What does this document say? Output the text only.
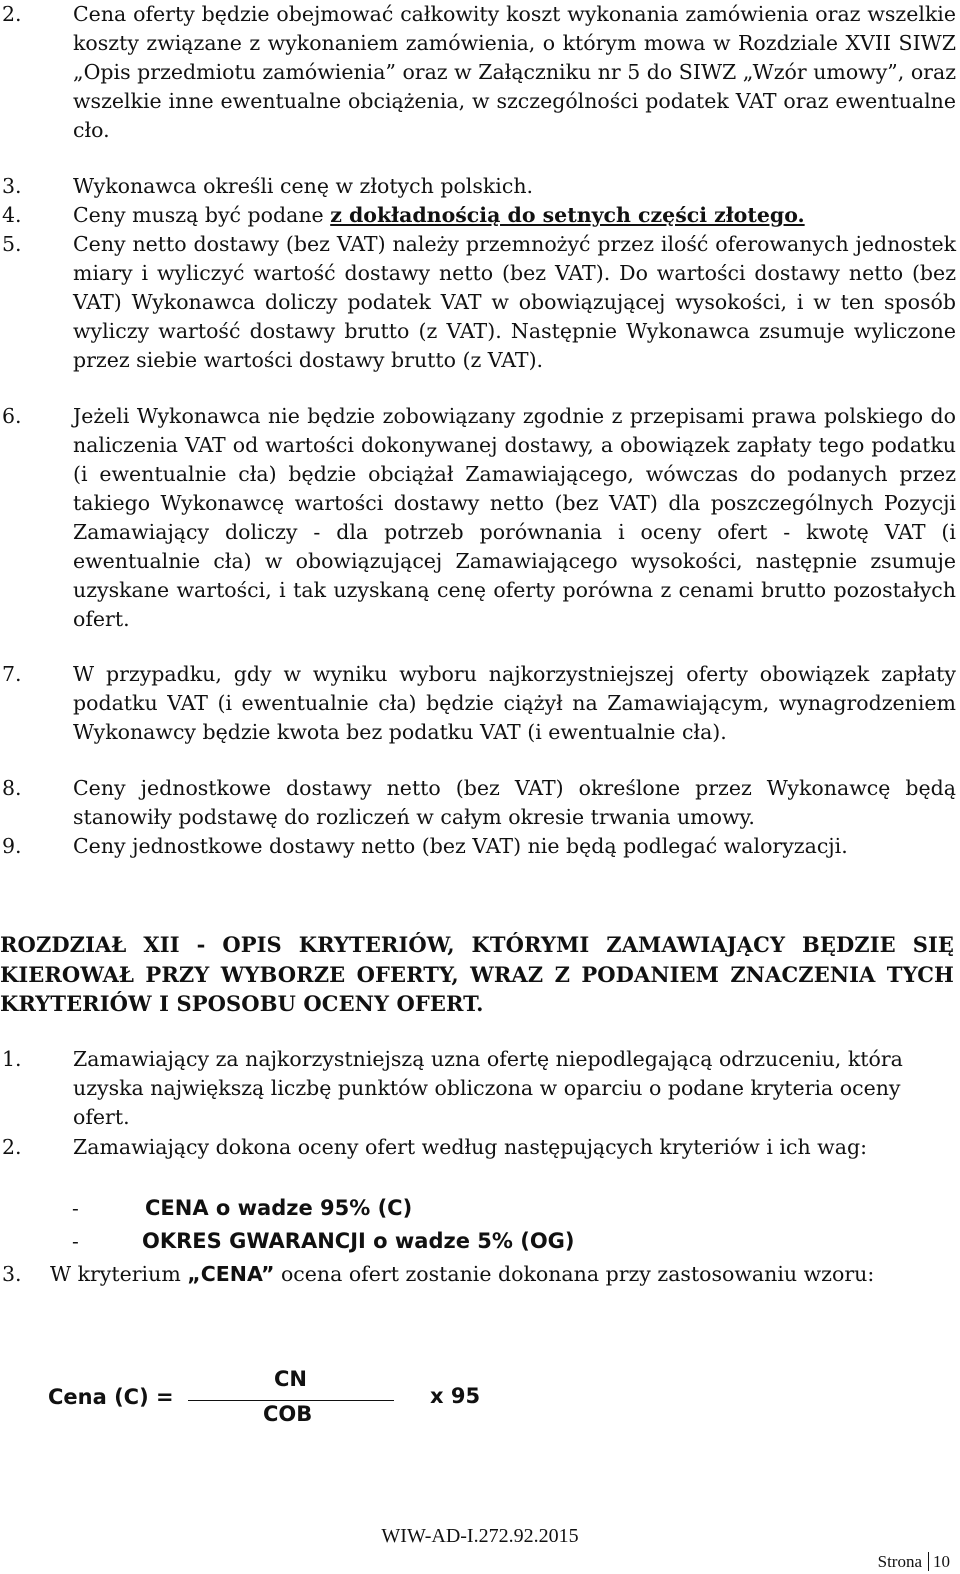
2.	Cena oferty będzie obejmować całkowity koszt wykonania zamówienia oraz wszelkie koszty związane z wykonaniem zamówienia, o którym mowa w Rozdziale XVII SIWZ „Opis przedmiotu zamówienia” oraz w Załączniku nr 5 do SIWZ „Wzór umowy”, oraz wszelkie inne ewentualne obciążenia, w szczególności podatek VAT oraz ewentualne cło.
3.	Wykonawca określi cenę w złotych polskich.
4.	Ceny muszą być podane z dokładnością do setnych części złotego.
5.	Ceny netto dostawy (bez VAT) należy przemnożyć przez ilość oferowanych jednostek miary i wyliczyć wartość dostawy netto (bez VAT). Do wartości dostawy netto (bez VAT) Wykonawca doliczy podatek VAT w obowiązującej wysokości, i w ten sposób wyliczy wartość dostawy brutto (z VAT). Następnie Wykonawca zsumuje wyliczone przez siebie wartości dostawy brutto (z VAT).
6.	Jeżeli Wykonawca nie będzie zobowiązany zgodnie z przepisami prawa polskiego do naliczenia VAT od wartości dokonywanej dostawy, a obowiązek zapłaty tego podatku (i ewentualnie cła) będzie obciążał Zamawiającego, wówczas do podanych przez takiego Wykonawcę wartości dostawy netto (bez VAT) dla poszczególnych Pozycji Zamawiający doliczy - dla potrzeb porównania i oceny ofert - kwotę VAT (i ewentualnie cła) w obowiązującej Zamawiającego wysokości, następnie zsumuje uzyskane wartości, i tak uzyskaną cenę oferty porówna z cenami brutto pozostałych ofert.
7.	W przypadku, gdy w wyniku wyboru najkorzystniejszej oferty obowiązek zapłaty podatku VAT (i ewentualnie cła) będzie ciążył na Zamawiającym, wynagrodzeniem Wykonawcy będzie kwota bez podatku VAT (i ewentualnie cła).
8.	Ceny jednostkowe dostawy netto (bez VAT) określone przez Wykonawcę będą stanowiły podstawę do rozliczeń w całym okresie trwania umowy.
9.	Ceny jednostkowe dostawy netto (bez VAT) nie będą podlegać waloryzacji.
ROZDZIAŁ XII - OPIS KRYTERIÓW, KTÓRYMI ZAMAWIAJĄCY BĘDZIE SIĘ KIEROWAŁ PRZY WYBORZE OFERTY, WRAZ Z PODANIEM ZNACZENIA TYCH KRYTERIÓW I SPOSOBU OCENY OFERT.
1.	Zamawiający za najkorzystniejszą uzna ofertę niepodlegającą odrzuceniu, która uzyska największą liczbę punktów obliczona w oparciu o podane kryteria oceny ofert.
2.	Zamawiający dokona oceny ofert według następujących kryteriów i ich wag:
-	CENA o wadze 95% (C)
-	OKRES GWARANCJI o wadze 5% (OG)
3. W kryterium „CENA” ocena ofert zostanie dokonana przy zastosowaniu wzoru:
Cena (C) =
CN
COB
x 95
WIW-AD-I.272.92.2015
Strona 10
